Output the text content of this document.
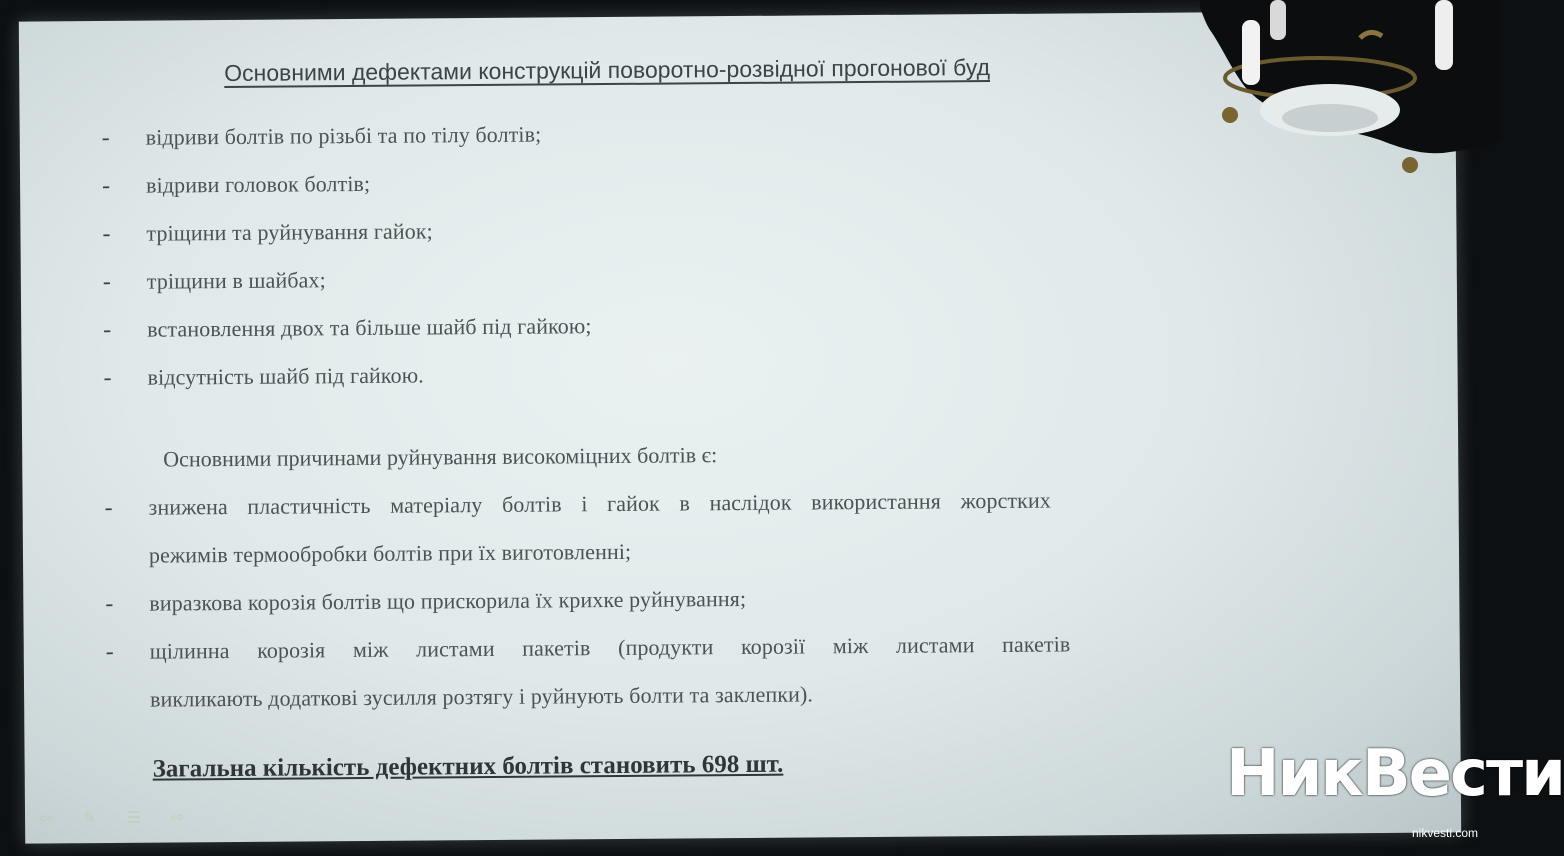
Основними дефектами конструкцій поворотно-розвідної прогонової буд
- відриви болтів по різьбі та по тілу болтів;
- відриви головок болтів;
- тріщини та руйнування гайок;
- тріщини в шайбах;
- встановлення двох та більше шайб під гайкою;
- відсутність шайб під гайкою.
Основними причинами руйнування високоміцних болтів є:
- знижена пластичність матеріалу болтів і гайок в наслідок використання жорстких
режимів термообробки болтів при їх виготовленні;
- виразкова корозія болтів що прискорила їх крихке руйнування;
- щілинна корозія між листами пакетів (продукти корозії між листами пакетів
викликають додаткові зусилля розтягу і руйнують болти та заклепки).
Загальна кількість дефектних болтів становить 698 шт.
⇦	✎	☰	⇨
НикВести
nikvesti.com
